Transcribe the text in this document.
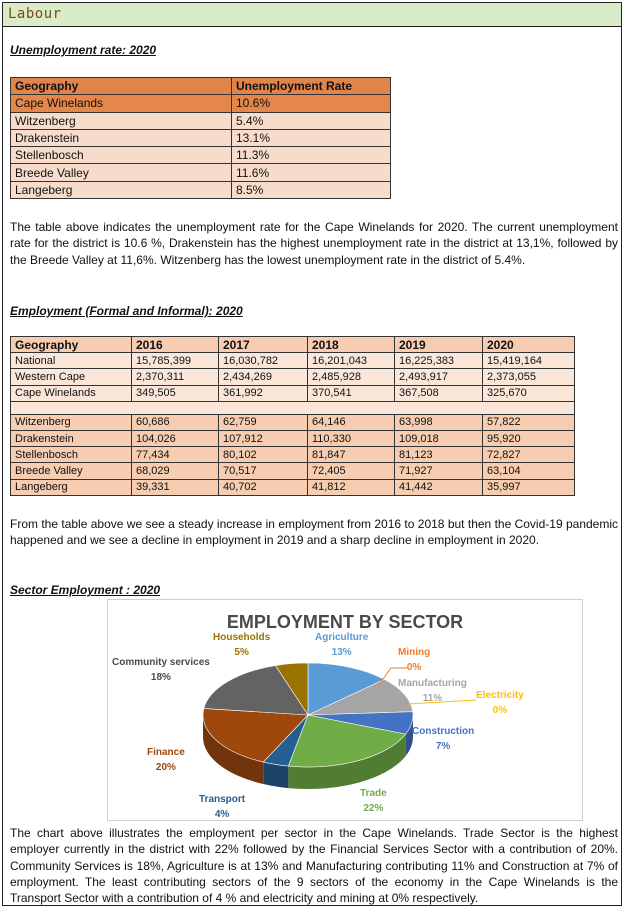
Labour
Unemployment rate: 2020
Geography	Unemployment Rate
Cape Winelands	10.6%
Witzenberg	5.4%
Drakenstein	13.1%
Stellenbosch	11.3%
Breede Valley	11.6%
Langeberg	8.5%
The table above indicates the unemployment rate for the Cape Winelands for 2020. The current unemployment rate for the district is 10.6 %, Drakenstein has the highest unemployment rate in the district at 13,1%, followed by the Breede Valley at 11,6%. Witzenberg has the lowest unemployment rate in the district of 5.4%.
Employment (Formal and Informal): 2020
Geography	2016	2017	2018	2019	2020
National	15,785,399	16,030,782	16,201,043	16,225,383	15,419,164
Western Cape	2,370,311	2,434,269	2,485,928	2,493,917	2,373,055
Cape Winelands	349,505	361,992	370,541	367,508	325,670

Witzenberg	60,686	62,759	64,146	63,998	57,822
Drakenstein	104,026	107,912	110,330	109,018	95,920
Stellenbosch	77,434	80,102	81,847	81,123	72,827
Breede Valley	68,029	70,517	72,405	71,927	63,104
Langeberg	39,331	40,702	41,812	41,442	35,997
From the table above we see a steady increase in employment from 2016 to 2018 but then the Covid-19 pandemic happened and we see a decline in employment in 2019 and a sharp decline in employment in 2020.
Sector Employment : 2020
EMPLOYMENT BY SECTOR
Households
5%
Agriculture
13%	Mining
0%
Manufacturing
11%	Electricity
0%
Construction
7%
Trade
22%
Transport
4%
Finance
20%
Community services
18%
The chart above illustrates the employment per sector in the Cape Winelands. Trade Sector is the highest employer currently in the district with 22% followed by the Financial Services Sector with a contribution of 20%. Community Services is 18%, Agriculture is at 13% and Manufacturing contributing 11% and Construction at 7% of employment. The least contributing sectors of the 9 sectors of the economy in the Cape Winelands is the Transport Sector with a contribution of 4 % and electricity and mining at 0% respectively.
